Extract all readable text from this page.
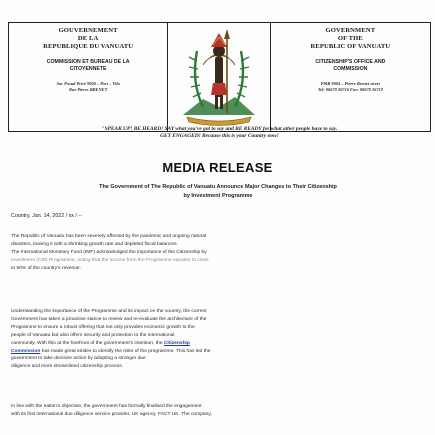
GOUVERNEMENT
DE LA
REPUBLIQUE DU VANUATU
COMMISSION ET BUREAU DE LA
CITOYENNETE
Sac Postal Privé 9004 – Port – Vila
Rue Pierre BRENET
GOVERNMENT
OF THE
REPUBLIC OF VANUATU
CITIZENSHIP'S OFFICE AND
COMMISSION
PMB 9004 – Pierre Brenet street
Tel: 00678 26716 Fax: 00678 26719
"SPEAK UP! BE HEARD! SAY what you've got to say and BE READY for what other people have to say.
GET ENGAGED! Because this is your Country now!
MEDIA RELEASE
The Government of The Republic of Vanuatu Announce Major Changes to Their Citizenship
by Investment Programme
Country, Jan. 14, 2022 / xx / --
The Republic of Vanuatu has been severely affected by the pandemic and ongoing natural
disasters, leaving it with a shrinking growth rate and depleted fiscal balances.
The International Monetary Fund (IMF) acknowledged the importance of the Citizenship by
Investment (CBI) Programme, noting that the income from the Programme equates to close
to 50% of the country's revenue.
Understanding the importance of the Programme and its impact on the country, the current
Government has taken a proactive stance to review and re-evaluate the architecture of the
Programme to ensure a robust offering that not only provides economic growth to the
people of Vanuatu but also offers security and protection to the international
community. With this at the forefront of the government's intention, the Citizenship
Commission has made great strides to identify the risks of the programme. This has led the
government to take decisive action by adopting a stronger due
diligence and more streamlined citizenship process.
In line with the nation's objective, the government has formally finalised the engagement
with its first international due diligence service provider, UK agency, FACT UK. The company,
